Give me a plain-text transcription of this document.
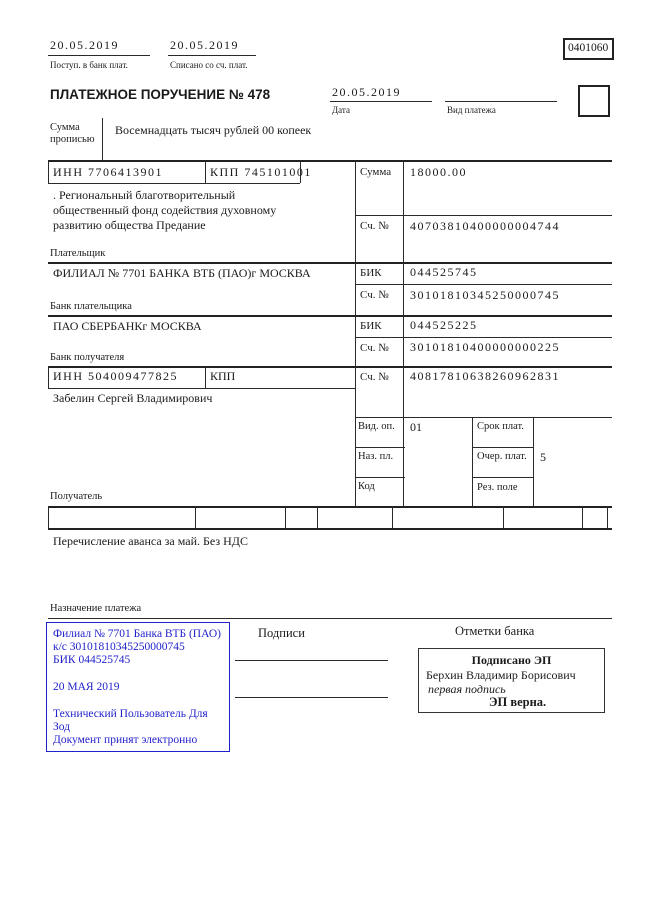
20.05.2019
Поступ. в банк плат.
20.05.2019
Списано со сч. плат.
0401060
ПЛАТЕЖНОЕ ПОРУЧЕНИЕ № 478	20.05.2019
Дата	Вид платежа
Сумма прописью
Восемнадцать тысяч рублей 00 копеек
ИНН 7706413901	КПП 745101001	Сумма 18000.00
. Региональный благотворительный
общественный фонд содействия духовному
развитию общества Предание	Сч. № 40703810400000004744
Плательщик
ФИЛИАЛ № 7701 БАНКА ВТБ (ПАО)г МОСКВА	БИК 044525745
Сч. № 30101810345250000745
Банк плательщика
ПАО СБЕРБАНКг МОСКВА	БИК 044525225
Сч. № 30101810400000000225
Банк получателя
ИНН 504009477825	КПП	Сч. № 40817810638260962831
Забелин Сергей Владимирович
Получатель
Вид. оп. 01	Срок плат.
Наз. пл.	Очер. плат. 5
Код	Рез. поле
Перечисление аванса за май. Без НДС
Назначение платежа
Филиал № 7701 Банка ВТБ (ПАО)
к/с 30101810345250000745
БИК 044525745
20 МАЯ 2019
Технический Пользователь Для
Зод
Документ принят электронно
Подписи	Отметки банка
Подписано ЭП
Берхин Владимир Борисович
первая подпись
ЭП верна.
